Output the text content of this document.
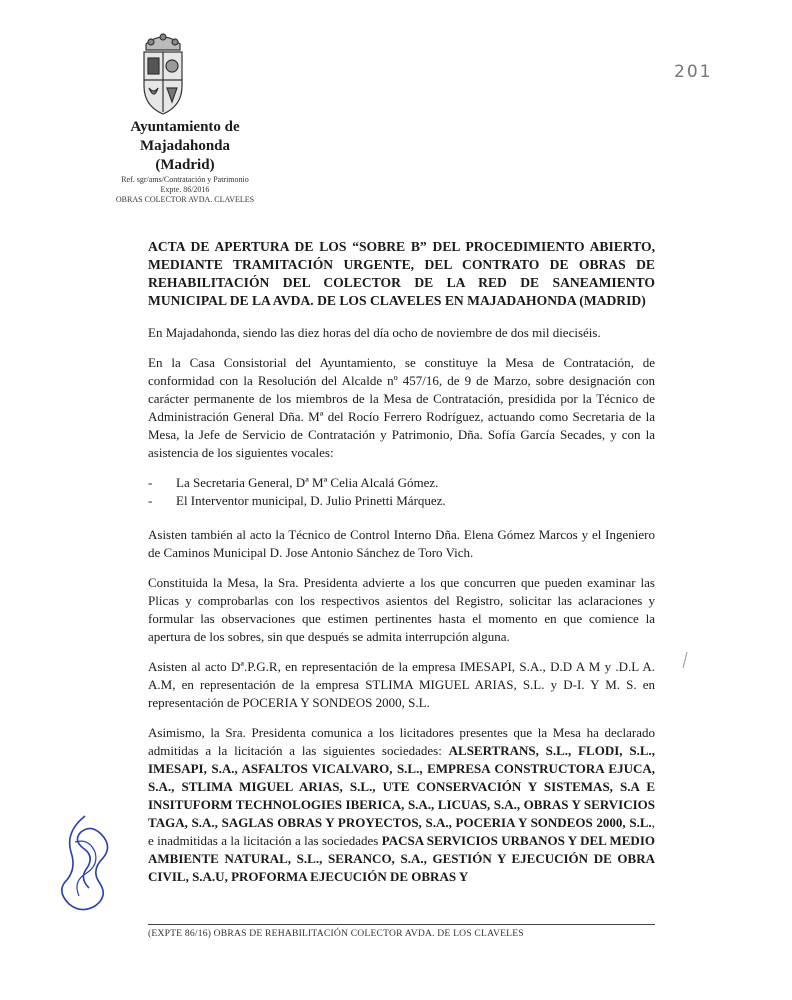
Ayuntamiento de
Majadahonda
(Madrid)
Ref. sgr/ams/Contratación y Patrimonio
Expte. 86/2016
OBRAS COLECTOR AVDA. CLAVELES
201
ACTA DE APERTURA DE LOS “SOBRE B” DEL PROCEDIMIENTO ABIERTO, MEDIANTE TRAMITACIÓN URGENTE, DEL CONTRATO DE OBRAS DE REHABILITACIÓN DEL COLECTOR DE LA RED DE SANEAMIENTO MUNICIPAL DE LA AVDA. DE LOS CLAVELES EN MAJADAHONDA (MADRID)

En Majadahonda, siendo las diez horas del día ocho de noviembre de dos mil dieciséis.

En la Casa Consistorial del Ayuntamiento, se constituye la Mesa de Contratación, de conformidad con la Resolución del Alcalde nº 457/16, de 9 de Marzo, sobre designación con carácter permanente de los miembros de la Mesa de Contratación, presidida por la Técnico de Administración General Dña. Mª del Rocío Ferrero Rodríguez, actuando como Secretaria de la Mesa, la Jefe de Servicio de Contratación y Patrimonio, Dña. Sofía García Secades, y con la asistencia de los siguientes vocales:

- La Secretaria General, Dª Mª Celia Alcalá Gómez.
- El Interventor municipal, D. Julio Prinetti Márquez.

Asisten también al acto la Técnico de Control Interno Dña. Elena Gómez Marcos y el Ingeniero de Caminos Municipal D. Jose Antonio Sánchez de Toro Vich.

Constituida la Mesa, la Sra. Presidenta advierte a los que concurren que pueden examinar las Plicas y comprobarlas con los respectivos asientos del Registro, solicitar las aclaraciones y formular las observaciones que estimen pertinentes hasta el momento en que comience la apertura de los sobres, sin que después se admita interrupción alguna.

Asisten al acto Dª.P.G.R, en representación de la empresa IMESAPI, S.A., D.D A M y .D.L A. A.M, en representación de la empresa STLIMA MIGUEL ARIAS, S.L. y D-I. Y M. S. en representación de POCERIA Y SONDEOS 2000, S.L.

Asimismo, la Sra. Presidenta comunica a los licitadores presentes que la Mesa ha declarado admitidas a la licitación a las siguientes sociedades: ALSERTRANS, S.L., FLODI, S.L., IMESAPI, S.A., ASFALTOS VICALVARO, S.L., EMPRESA CONSTRUCTORA EJUCA, S.A., STLIMA MIGUEL ARIAS, S.L., UTE CONSERVACIÓN Y SISTEMAS, S.A E INSITUFORM TECHNOLOGIES IBERICA, S.A., LICUAS, S.A., OBRAS Y SERVICIOS TAGA, S.A., SAGLAS OBRAS Y PROYECTOS, S.A., POCERIA Y SONDEOS 2000, S.L., e inadmitidas a la licitación a las sociedades PACSA SERVICIOS URBANOS Y DEL MEDIO AMBIENTE NATURAL, S.L., SERANCO, S.A., GESTIÓN Y EJECUCIÓN DE OBRA CIVIL, S.A.U, PROFORMA EJECUCIÓN DE OBRAS Y

(EXPTE 86/16) OBRAS DE REHABILITACIÓN COLECTOR AVDA. DE LOS CLAVELES
